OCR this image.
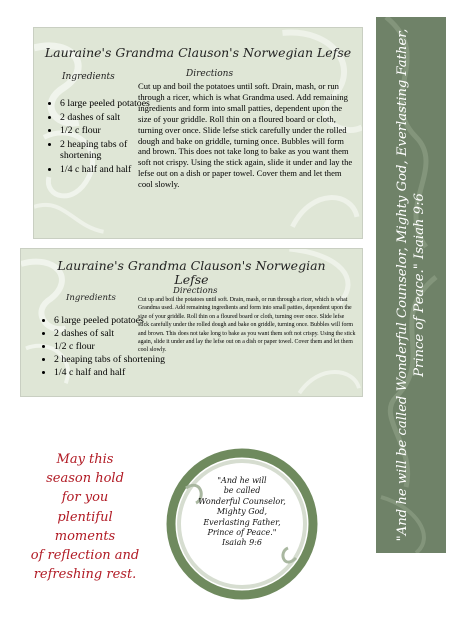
Lauraine's Grandma Clauson's Norwegian Lefse
Ingredients	Directions
• 6 large peeled potatoes
• 2 dashes of salt
• 1/2 c flour
• 2 heaping tabs of shortening
• 1/4 c half and half

Cut up and boil the potatoes until soft. Drain, mash, or run through a ricer, which is what Grandma used. Add remaining ingredients and form into small patties, dependent upon the size of your griddle. Roll thin on a floured board or cloth, turning over once. Slide lefse stick carefully under the rolled dough and bake on griddle, turning once. Bubbles will form and brown. This does not take long to bake as you want them soft not crispy. Using the stick again, slide it under and lay the lefse out on a dish or paper towel. Cover them and let them cool slowly.

Lauraine's Grandma Clauson's Norwegian Lefse
Ingredients
Directions
• 6 large peeled potatoes
• 2 dashes of salt
• 1/2 c flour
• 2 heaping tabs of shortening
• 1/4 c half and half

Cut up and boil the potatoes until soft. Drain, mash, or run through a ricer, which is what Grandma used. Add remaining ingredients and form into small patties, dependent upon the size of your griddle. Roll thin on a floured board or cloth, turning over once. Slide lefse stick carefully under the rolled dough and bake on griddle, turning once. Bubbles will form and brown. This does not take long to bake as you want them soft not crispy. Using the stick again, slide it under and lay the lefse out on a dish or paper towel. Cover them and let them cool slowly.	"And he will be called Wonderful Counselor, Mighty God, Everlasting Father, Prince of Peace." Isaiah 9:6
May this
season hold
for you
plentiful
moments
of reflection and
refreshing rest.
"And he will
be called
Wonderful Counselor,
Mighty God,
Everlasting Father,
Prince of Peace."
Isaiah 9:6
